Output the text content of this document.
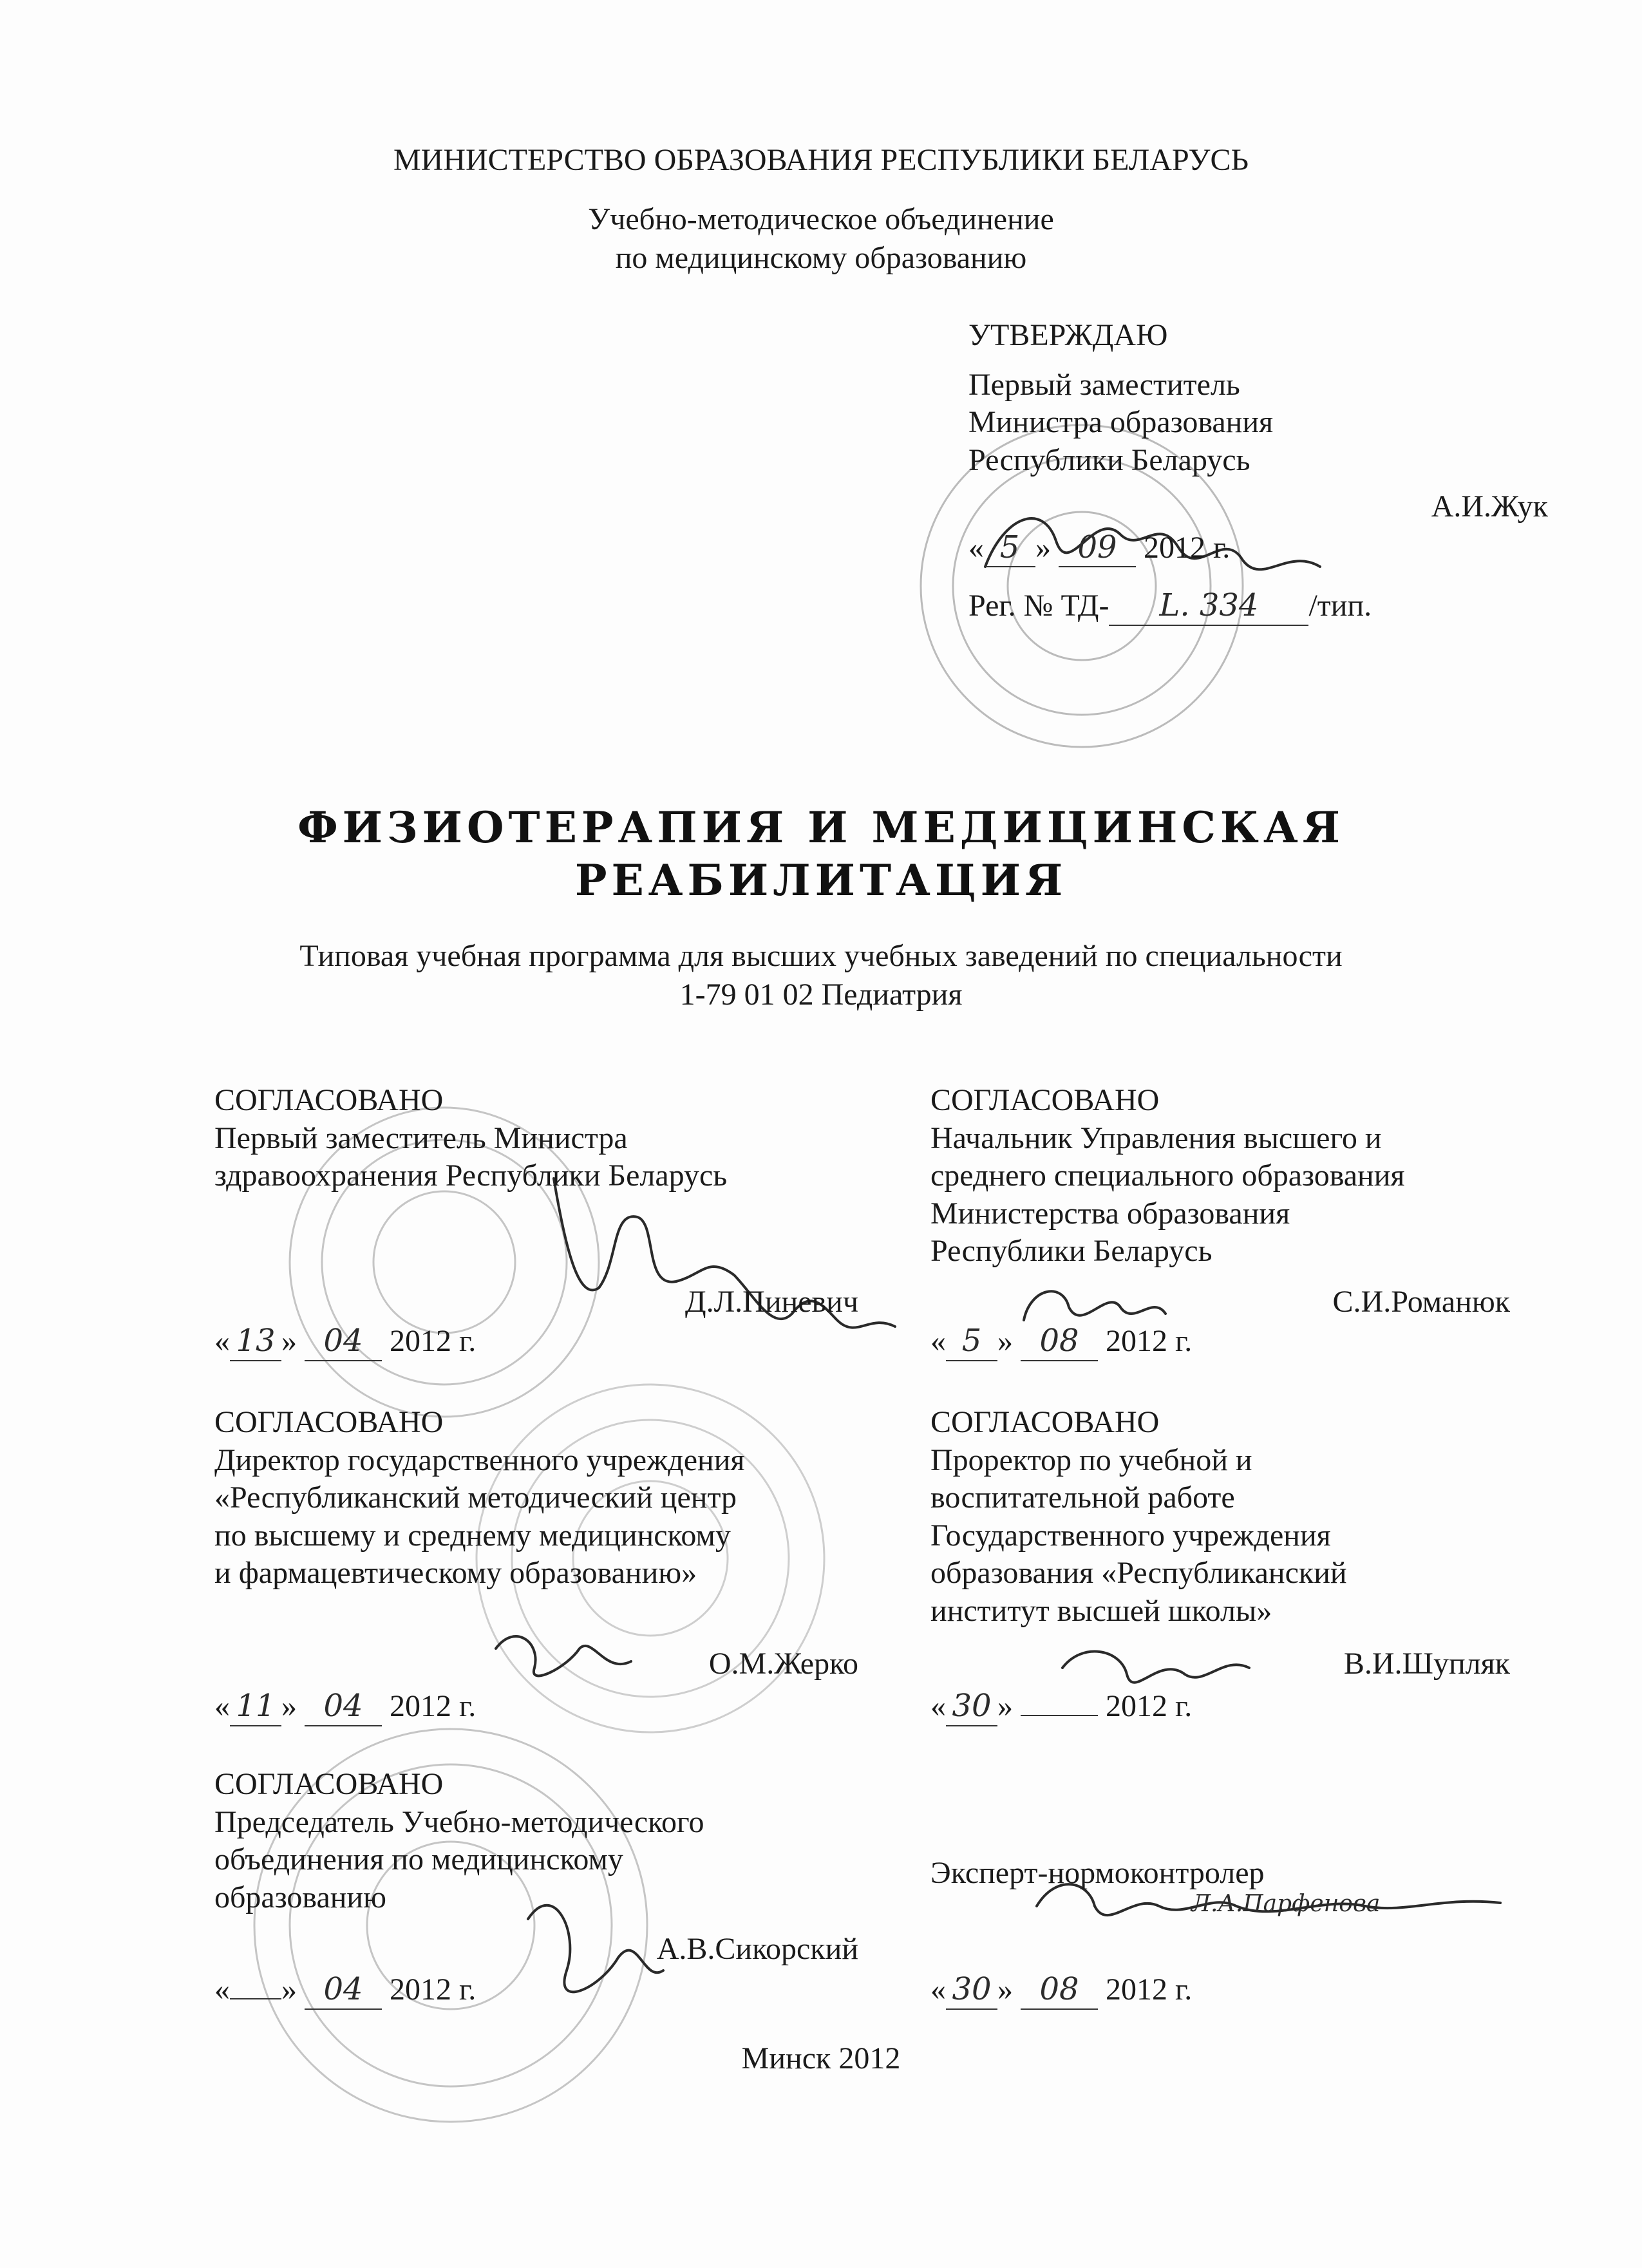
МИНИСТЕРСТВО ОБРАЗОВАНИЯ РЕСПУБЛИКИ БЕЛАРУСЬ
Учебно-методическое объединение
по медицинскому образованию
УТВЕРЖДАЮ
Первый заместитель
Министра образования
Республики Беларусь
А.И.Жук
« 5 » 09 2012 г.
Рег. № ТД- L. 334 /тип.
ФИЗИОТЕРАПИЯ И МЕДИЦИНСКАЯ
РЕАБИЛИТАЦИЯ
Типовая учебная программа для высших учебных заведений по специальности
1-79 01 02 Педиатрия
СОГЛАСОВАНО
Первый заместитель Министра
здравоохранения Республики Беларусь
Д.Л.Пиневич
« 13 » 04 2012 г.
СОГЛАСОВАНО
Начальник Управления высшего и
среднего специального образования
Министерства образования
Республики Беларусь
С.И.Романюк
« 5 » 08 2012 г.
СОГЛАСОВАНО
Директор государственного учреждения
«Республиканский методический центр
по высшему и среднему медицинскому
и фармацевтическому образованию»
О.М.Жерко
« 11 » 04 2012 г.
СОГЛАСОВАНО
Проректор по учебной и
воспитательной работе
Государственного учреждения
образования «Республиканский
институт высшей школы»
В.И.Шупляк
« 30 »	2012 г.
СОГЛАСОВАНО
Председатель Учебно-методического
объединения по медицинскому
образованию
А.В.Сикорский
« » 04 2012 г.
Эксперт-нормоконтролер
Л.А.Парфенова
« 30 » 08 2012 г.
Минск 2012
